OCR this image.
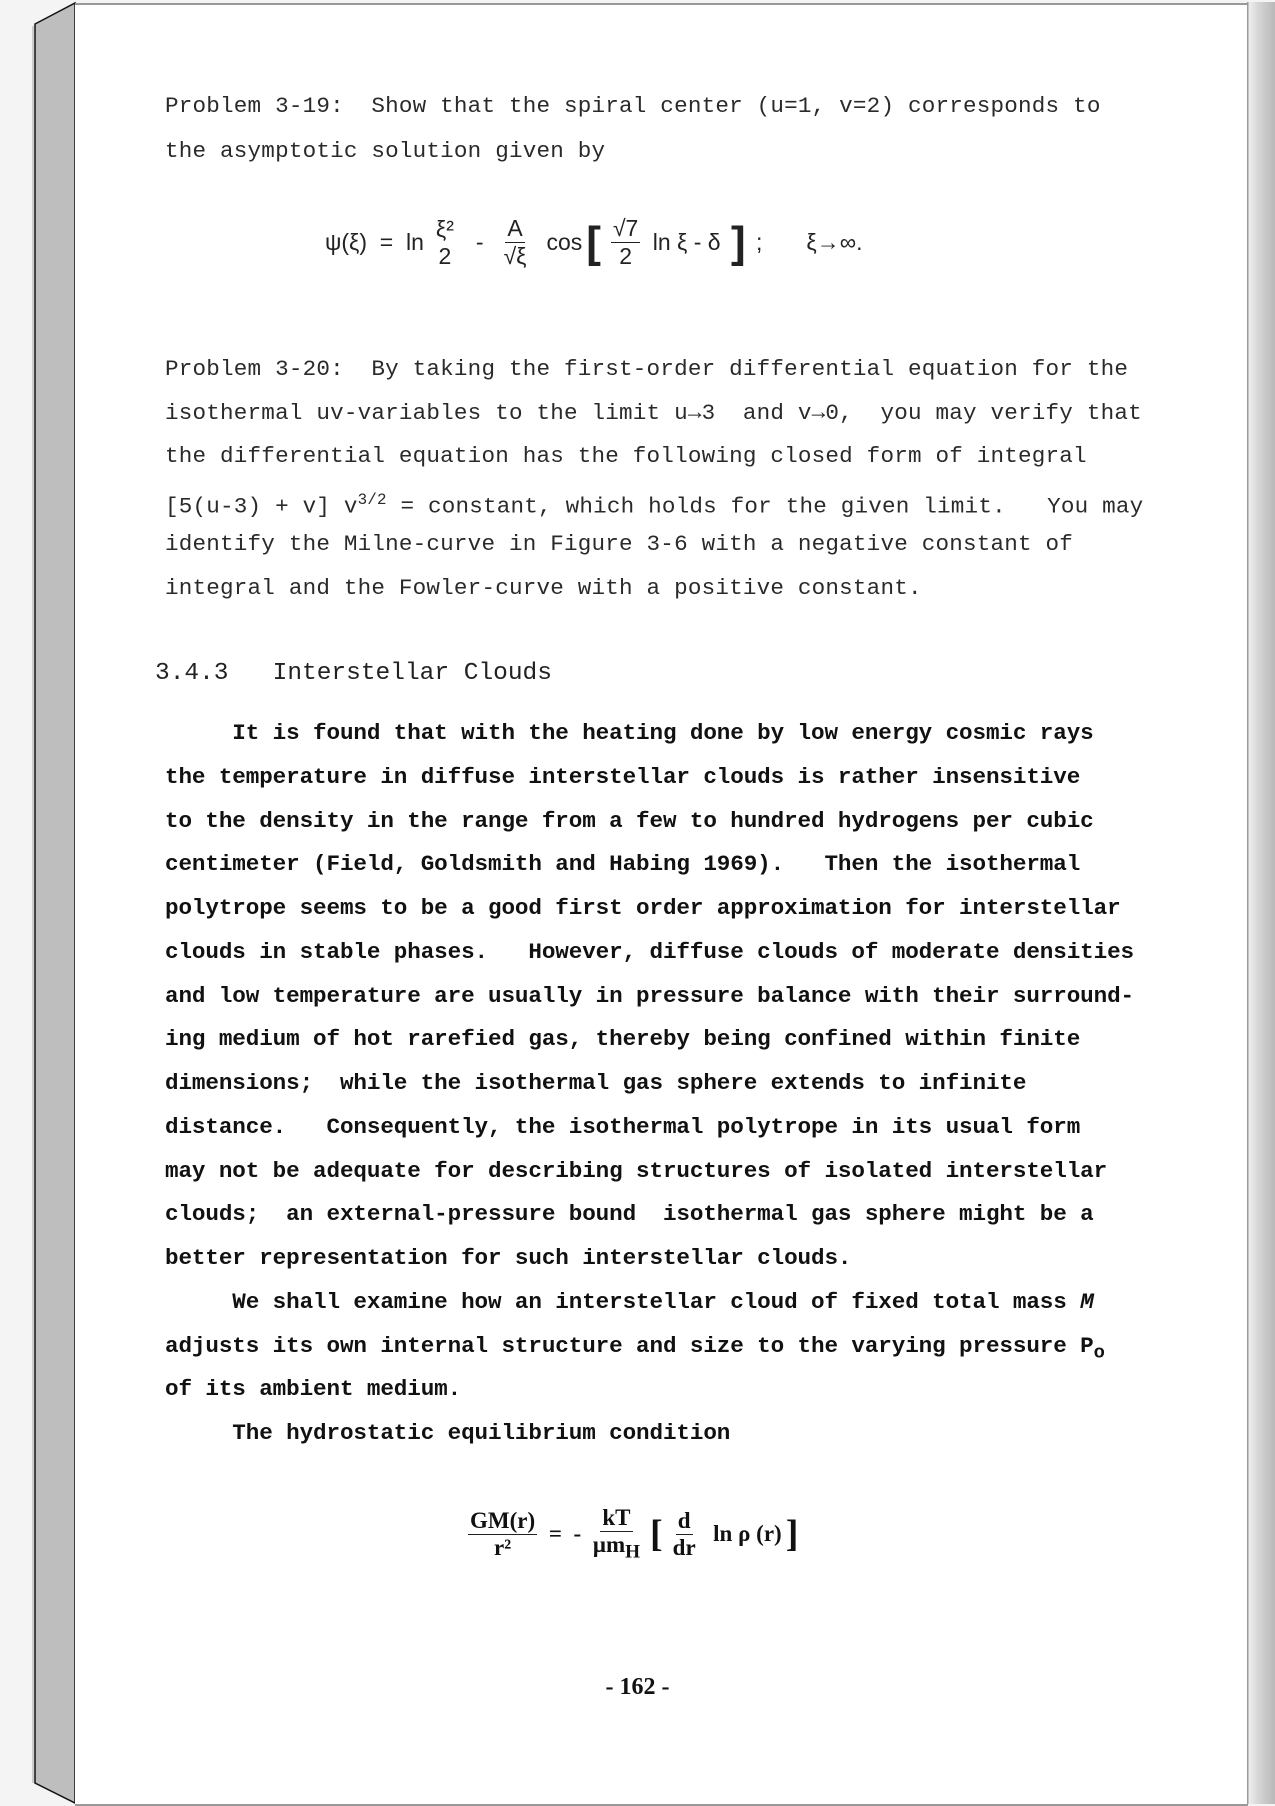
Problem 3-19:  Show that the spiral center (u=1, v=2) corresponds to
the asymptotic solution given by
ψ(ξ)  =  ln
ξ²
2
- $\frac{A}{√\xi}$ cos [ $\frac{√7}{2}$ ln ξ - δ ] ; ξ→∞.
Problem 3-20:  By taking the first-order differential equation for the
isothermal uv-variables to the limit u→3  and v→0,  you may verify that
the differential equation has the following closed form of integral
[5(u-3) + v] $v^{3/2}$ = constant, which holds for the given limit.   You may
identify the Milne-curve in Figure 3-6 with a negative constant of
integral and the Fowler-curve with a positive constant.
3.4.3   Interstellar Clouds
It is found that with the heating done by low energy cosmic rays
the temperature in diffuse interstellar clouds is rather insensitive
to the density in the range from a few to hundred hydrogens per cubic
centimeter (Field, Goldsmith and Habing 1969).   Then the isothermal
polytrope seems to be a good first order approximation for interstellar
clouds in stable phases.   However, diffuse clouds of moderate densities
and low temperature are usually in pressure balance with their surround-
ing medium of hot rarefied gas, thereby being confined within finite
dimensions;  while the isothermal gas sphere extends to infinite
distance.   Consequently, the isothermal polytrope in its usual form
may not be adequate for describing structures of isolated interstellar
clouds;  an external-pressure bound  isothermal gas sphere might be a
better representation for such interstellar clouds.
We shall examine how an interstellar cloud of fixed total mass M
adjusts its own internal structure and size to the varying pressure $P_o$
of its ambient medium.
The hydrostatic equilibrium condition
$\frac{GM(r)}{\text{r²}}$ =  - $\frac{kT}{\mu m_H}$ [ $\frac{d}{dr}$ ln ρ (r) ]
- 162 -
